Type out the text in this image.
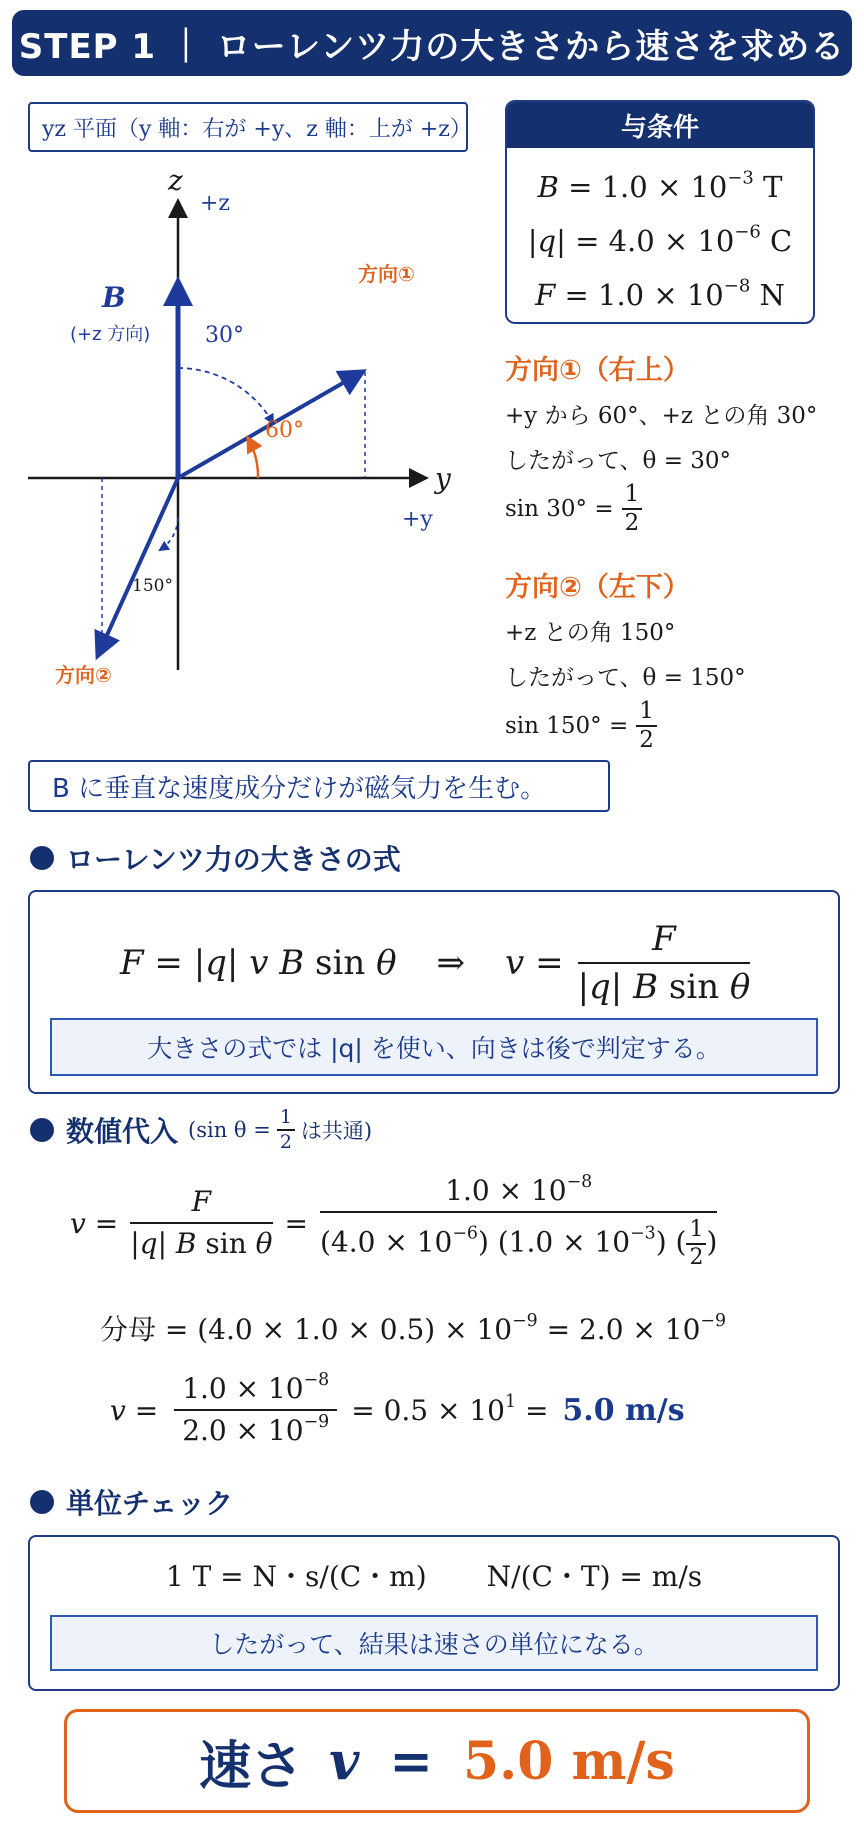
STEP 1 ｜ ローレンツ力の大きさから速さを求める
yz 平面（y 軸：右が +y、z 軸：上が +z）
z
+z
y
+y
B
(+z 方向) 30°
60°
150°
方向①
方向②
与条件
$B = 1.0 \times 10^{-3}$ T
$|q| = 4.0 \times 10^{-6}$ C
$F = 1.0 \times 10^{-8}$ N
方向①（右上）
+y から 60°、+z との角 30°
したがって、θ = 30°
$\sin 30^\circ = \frac{1}{2}$
方向②（左下）
+z との角 150°
したがって、θ = 150°
$\sin 150^\circ = \frac{1}{2}$
B に垂直な速度成分だけが磁気力を生む。
ローレンツ力の大きさの式
F = |q| v B sin θ ⇒ $v = \frac{F}{\text{|q| B sin θ}}$
大きさの式では |q| を使い、向きは後で判定する。
数値代入 (sin $\theta = \frac{1}{2}$ は共通)
$v = \frac{F}{\text{|q| B sin θ}} = \frac{1.0 \times 10^{-8}}{(4.0 \times 10^{-6}) (1.0 \times 10^{-3}) ( \frac{1}{2} )}$
分母 = $(4.0 \times 1.0 \times 0.5) \times 10^{-9} = 2.0 \times 10^{-9}$
$v = \frac{1.0 \times 10^{-8}}{2.0 \times 10^{-9}} = 0.5 \times 10^1 = 5.0$ m/s
単位チェック
1 T = N・s/(C・m) N/(C・T) = m/s
したがって、結果は速さの単位になる。
速さ v = 5.0 m/s
